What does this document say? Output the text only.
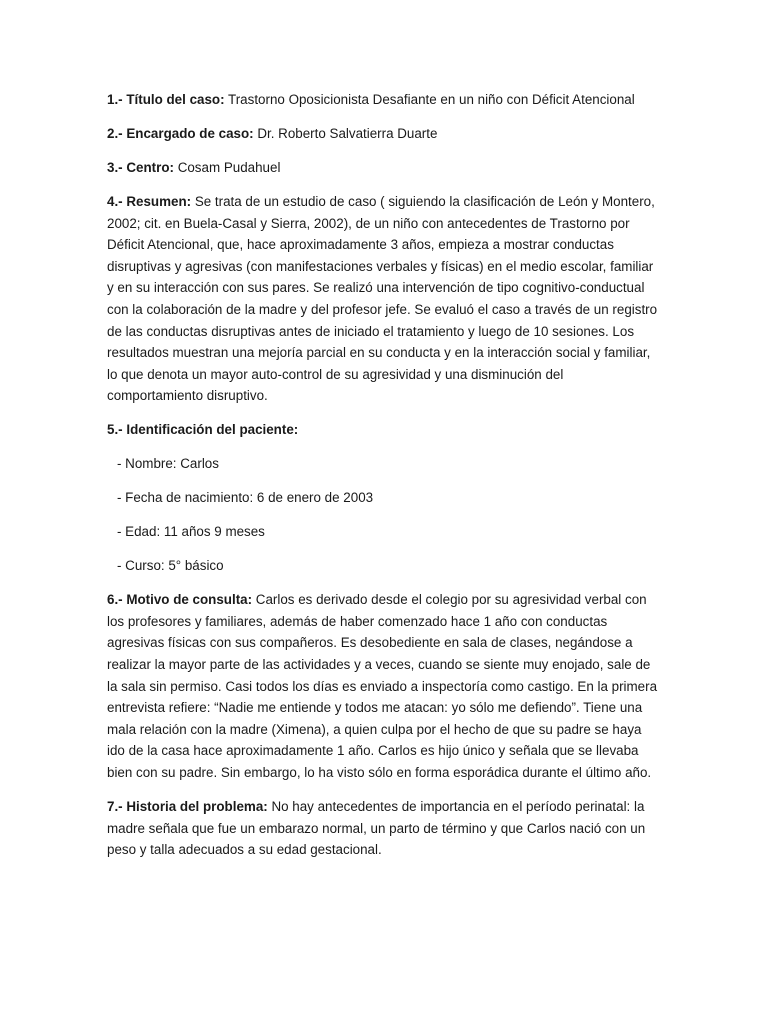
1.- Título del caso: Trastorno Oposicionista Desafiante en un niño con Déficit Atencional

2.- Encargado de caso: Dr. Roberto Salvatierra Duarte

3.- Centro: Cosam Pudahuel

4.- Resumen: Se trata de un estudio de caso ( siguiendo la clasificación de León y Montero, 2002; cit. en Buela-Casal y Sierra, 2002), de un niño con antecedentes de Trastorno por Déficit Atencional, que, hace aproximadamente 3 años, empieza a mostrar conductas disruptivas y agresivas (con manifestaciones verbales y físicas) en el medio escolar, familiar y en su interacción con sus pares. Se realizó una intervención de tipo cognitivo-conductual con la colaboración de la madre y del profesor jefe. Se evaluó el caso a través de un registro de las conductas disruptivas antes de iniciado el tratamiento y luego de 10 sesiones. Los resultados muestran una mejoría parcial en su conducta y en la interacción social y familiar, lo que denota un mayor auto-control de su agresividad y una disminución del comportamiento disruptivo.

5.- Identificación del paciente:

- Nombre: Carlos

- Fecha de nacimiento: 6 de enero de 2003

- Edad: 11 años 9 meses

- Curso: 5° básico

6.- Motivo de consulta: Carlos es derivado desde el colegio por su agresividad verbal con los profesores y familiares, además de haber comenzado hace 1 año con conductas agresivas físicas con sus compañeros. Es desobediente en sala de clases, negándose a realizar la mayor parte de las actividades y a veces, cuando se siente muy enojado, sale de la sala sin permiso. Casi todos los días es enviado a inspectoría como castigo. En la primera entrevista refiere: “Nadie me entiende y todos me atacan: yo sólo me defiendo”. Tiene una mala relación con la madre (Ximena), a quien culpa por el hecho de que su padre se haya ido de la casa hace aproximadamente 1 año. Carlos es hijo único y señala que se llevaba bien con su padre. Sin embargo, lo ha visto sólo en forma esporádica durante el último año.

7.- Historia del problema: No hay antecedentes de importancia en el período perinatal: la madre señala que fue un embarazo normal, un parto de término y que Carlos nació con un peso y talla adecuados a su edad gestacional.
